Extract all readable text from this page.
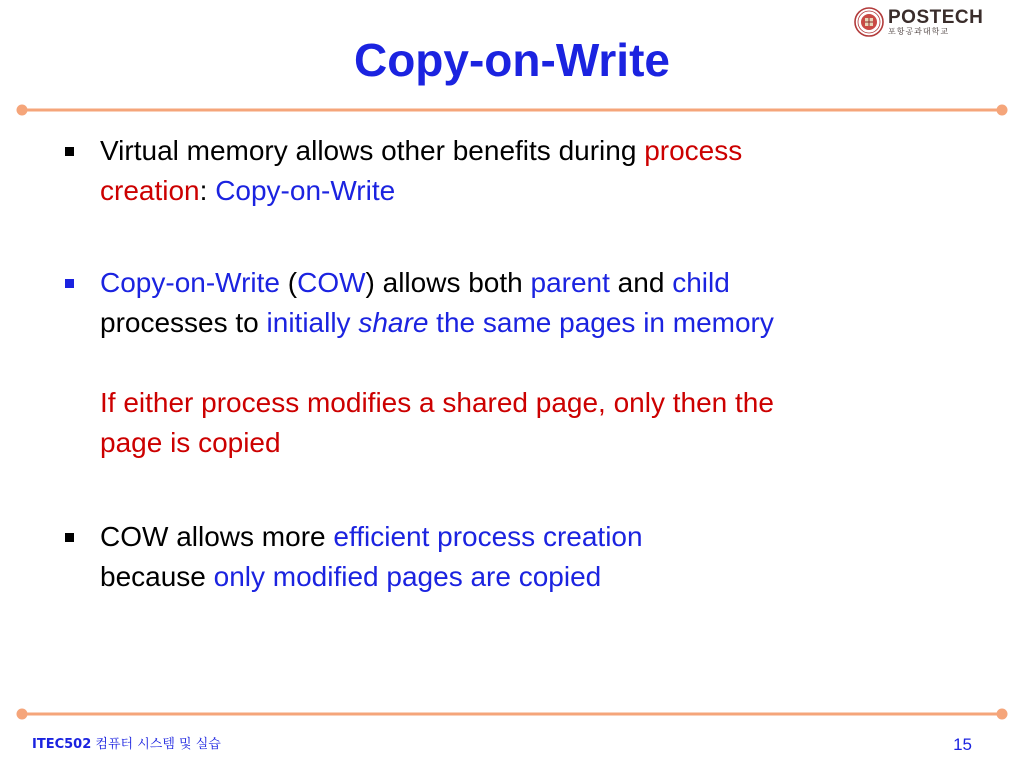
POSTECH
포항공과대학교
Copy-on-Write
Virtual memory allows other benefits during process
creation: Copy-on-Write
Copy-on-Write (COW) allows both parent and child
processes to initially share the same pages in memory
If either process modifies a shared page, only then the
page is copied
COW allows more efficient process creation
because only modified pages are copied
ITEC502 컴퓨터 시스템 및 실습	15
